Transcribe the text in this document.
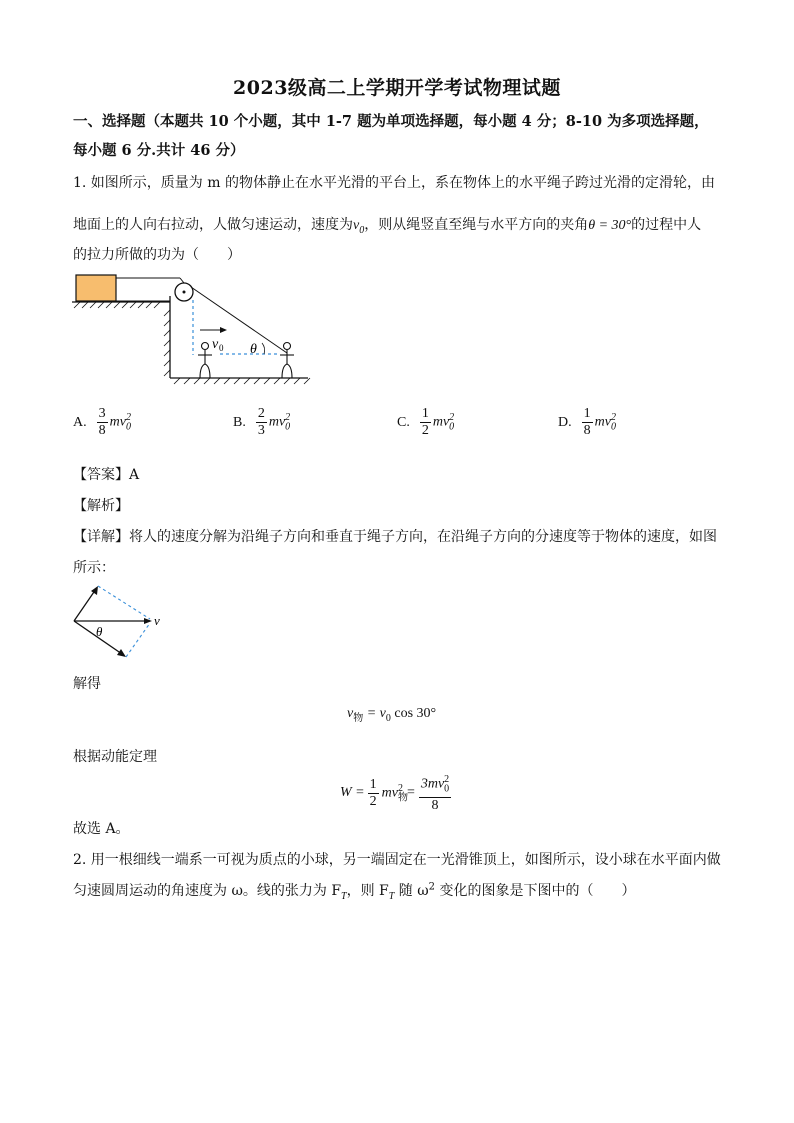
2023级高二上学期开学考试物理试题
一、选择题（本题共 10 个小题，其中 1-7 题为单项选择题，每小题 4 分；8-10 为多项选择题，
每小题 6 分.共计 46 分）
1. 如图所示，质量为 m 的物体静止在水平光滑的平台上，系在物体上的水平绳子跨过光滑的定滑轮，由
地面上的人向右拉动，人做匀速运动，速度为$v_0$，则从绳竖直至绳与水平方向的夹角θ = 30°的过程中人
的拉力所做的功为（　　）
v 0 θ
A. $\frac{3}{8} mv_0^2$	B. $\frac{2}{3} mv_0^2$	C. $\frac{1}{2} mv_0^2$	D. $\frac{1}{8} mv_0^2$
【答案】A
【解析】
【详解】将人的速度分解为沿绳子方向和垂直于绳子方向，在沿绳子方向的分速度等于物体的速度，如图
所示：
v
θ
解得
$v_物 = v_0$ cos 30°
根据动能定理
$W = \frac{1}{2} mv_物^2 = \frac{3mv_0^2}{8}$
故选 A。
2. 用一根细线一端系一可视为质点的小球，另一端固定在一光滑锥顶上，如图所示，设小球在水平面内做
匀速圆周运动的角速度为 ω。线的张力为 $F_T$，则 $F_T$ 随 $\omega^2$ 变化的图象是下图中的（　　）
